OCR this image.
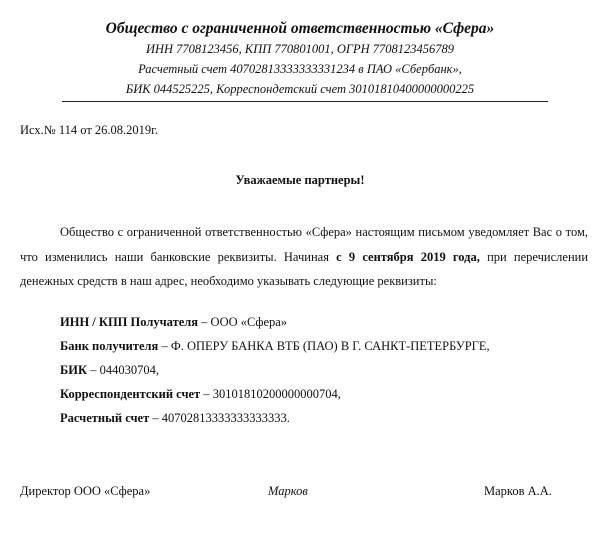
Общество с ограниченной ответственностью «Сфера»
ИНН 7708123456, КПП 770801001, ОГРН 7708123456789
Расчетный счет 40702813333333331234 в ПАО «Сбербанк»,
БИК 044525225, Корреспондетский счет 30101810400000000225
Исх.№ 114 от 26.08.2019г.
Уважаемые партнеры!
Общество с ограниченной ответственностью «Сфера» настоящим письмом уведомляет Вас о том, что изменились наши банковские реквизиты. Начиная с 9 сентября 2019 года, при перечислении денежных средств в наш адрес, необходимо указывать следующие реквизиты:
ИНН / КПП Получателя – ООО «Сфера»
Банк получителя – Ф. ОПЕРУ БАНКА ВТБ (ПАО) В Г. САНКТ-ПЕТЕРБУРГЕ,
БИК – 044030704,
Корреспондентский счет – 30101810200000000704,
Расчетный счет – 40702813333333333333.
Директор ООО «Сфера»	Марков	Марков А.А.
